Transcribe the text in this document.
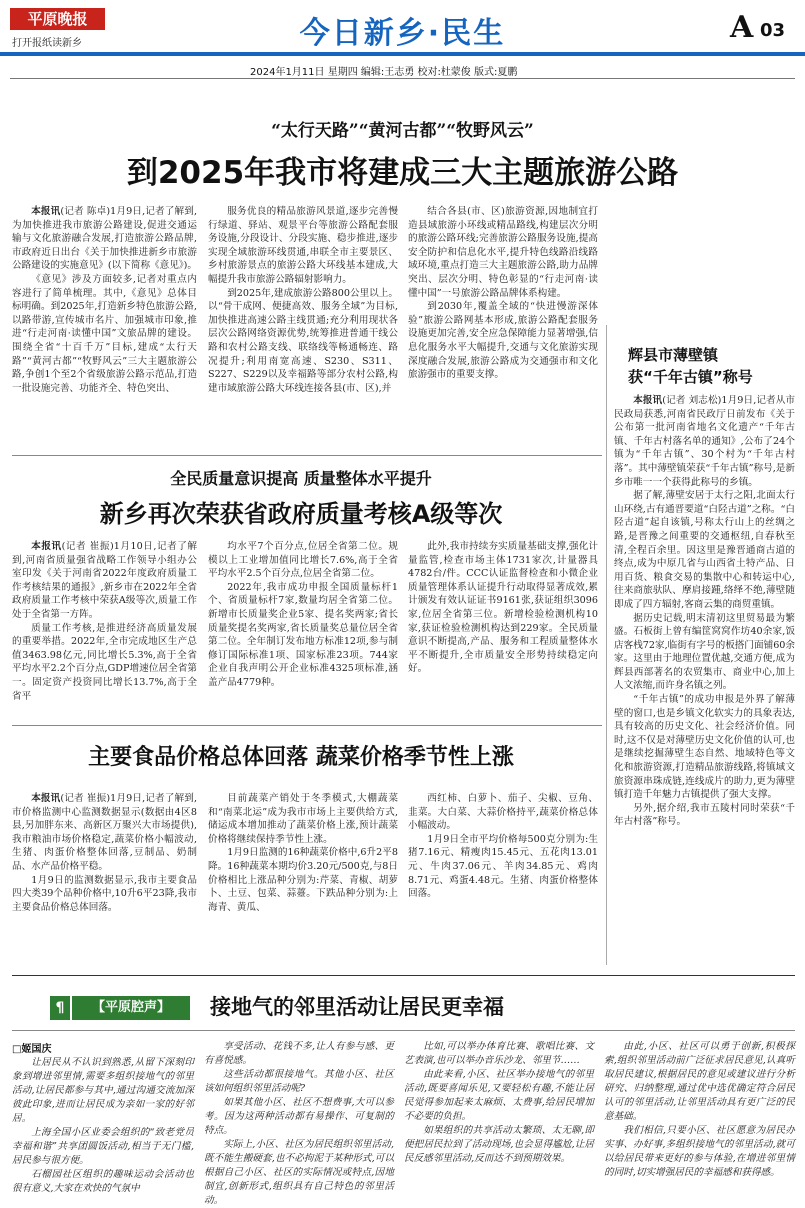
平原晚报
打开报纸读新乡	今日新乡·民生	A 03
2024年1月11日 星期四 编辑:王志勇 校对:杜蒙俊 版式:夏鹏
“太行天路”“黄河古都”“牧野风云”
到2025年我市将建成三大主题旅游公路

本报讯(记者 陈卓)1月9日,记者了解到,为加快推进我市旅游公路建设,促进交通运输与文化旅游融合发展,打造旅游公路品牌,市政府近日出台《关于加快推进新乡市旅游公路建设的实施意见》(以下简称《意见》)。

《意见》涉及方面较多,记者对重点内容进行了简单梳理。其中,《意见》总体目标明确。到2025年,打造新乡特色旅游公路,以路带游,宣传城市名片、加强城市印象,推进“行走河南·读懂中国”文旅品牌的建设。围绕全省“十百千万”目标,建成“太行天路”“黄河古都”“牧野风云”三大主题旅游公路,争创1个至2个省级旅游公路示范品,打造一批设施完善、功能齐全、特色突出、

服务优良的精品旅游风景道,逐步完善慢行绿道、驿站、观景平台等旅游公路配套服务设施,分段设计、分段实施、稳步推进,逐步实现全域旅游环线贯通,串联全市主要景区、乡村旅游景点的旅游公路大环线基本建成,大幅提升我市旅游公路辐射影响力。

到2025年,建成旅游公路800公里以上。以“骨干成网、便捷高效、服务全域”为目标,加快推进高速公路主线贯通;充分利用现状各层次公路网络资源优势,统筹推进普通干线公路和农村公路支线、联络线等畅通畅连、路况提升;利用南宽高速、S230、S311、S227、S229以及幸福路等部分农村公路,构建市域旅游公路大环线连接各县(市、区),并

结合各县(市、区)旅游资源,因地制宜打造县域旅游小环线或精品路线,构建层次分明的旅游公路环线;完善旅游公路服务设施,提高安全防护和信息化水平,提升特色线路沿线路域环境,重点打造三大主题旅游公路,助力品牌突出、层次分明、特色彰显的“行走河南·读懂中国”一号旅游公路品牌体系构建。

到2030年,覆盖全域的“快进慢游深体验”旅游公路网基本形成,旅游公路配套服务设施更加完善,安全应急保障能力显著增强,信息化服务水平大幅提升,交通与文化旅游实现深度融合发展,旅游公路成为交通强市和文化旅游强市的重要支撑。

辉县市薄壁镇
获“千年古镇”称号

本报讯(记者 刘志松)1月9日,记者从市民政局获悉,河南省民政厅日前发布《关于公布第一批河南省地名文化遗产“千年古镇、千年古村落名单的通知》,公布了24个镇为“千年古镇”、30个村为“千年古村落”。其中薄壁镇荣获“千年古镇”称号,是新乡市唯一一个获得此称号的乡镇。

据了解,薄壁安居于太行之阳,北面太行山环绕,古有通晋要道“白陉古道”之称。“白陉古道”起自该镇,号称太行山上的丝绸之路,是晋豫之间重要的交通枢纽,自春秋至清,全程百余里。因这里是豫晋通商古道的终点,成为中原几省与山西省土特产品、日用百货、粮食交易的集散中心和转运中心,往来商旅驮队、摩肩接踵,络绎不绝,薄壁随即成了四方辐射,客商云集的商贸重镇。

据历史记载,明末清初这里贸易最为繁盛。石板街上曾有编筐窝窝作坊40余家,饭店客栈72家,临街有字号的板搭门面铺60余家。这里由于地理位置优越,交通方便,成为辉县西部著名的农贸集市、商业中心,加上人文浓缩,而许身名镇之列。

“千年古镇”的成功申报是外界了解薄壁的窗口,也是乡镇文化软实力的具象表达,具有较高的历史文化、社会经济价值。同时,这不仅是对薄壁历史文化价值的认可,也是继续挖掘薄壁生态自然、地域特色等文化和旅游资源,打造精品旅游线路,将镇域文旅资源串珠成链,连线成片的助力,更为薄壁镇打造千年魅力古镇提供了强大支撑。

另外,据介绍,我市五陵村同时荣获“千年古村落”称号。

全民质量意识提高 质量整体水平提升
新乡再次荣获省政府质量考核A级等次

本报讯(记者 崔振)1月10日,记者了解到,河南省质量强省战略工作领导小组办公室印发《关于河南省2022年度政府质量工作考核结果的通报》,新乡市在2022年全省政府质量工作考核中荣获A级等次,质量工作处于全省第一方阵。

质量工作考核,是推进经济高质量发展的重要举措。2022年,全市完成地区生产总值3463.98亿元,同比增长5.3%,高于全省平均水平2.2个百分点,GDP增速位居全省第一。固定资产投资同比增长13.7%,高于全省平

均水平7个百分点,位居全省第二位。规模以上工业增加值同比增长7.6%,高于全省平均水平2.5个百分点,位居全省第二位。

2022年,我市成功申报全国质量标杆1个、省质量标杆7家,数量均居全省第二位。新增市长质量奖企业5家、提名奖两家;省长质量奖提名奖两家,省长质量奖总量位居全省第二位。全年制订发布地方标准12项,参与制修订国际标准1项、国家标准23项。744家企业自我声明公开企业标准4325项标准,涵盖产品4779种。

此外,我市持续夯实质量基础支撑,强化计量监管,检查市场主体1731家次,计量器具4782台/件。CCC认证监督检查和小微企业质量管理体系认证提升行动取得显著成效,累计颁发有效认证证书9161张,获证组织3096家,位居全省第三位。新增检验检测机构10家,获证检验检测机构达到229家。全民质量意识不断提高,产品、服务和工程质量整体水平不断提升,全市质量安全形势持续稳定向好。

主要食品价格总体回落 蔬菜价格季节性上涨

本报讯(记者 崔振)1月9日,记者了解到,市价格监测中心监测数据显示(数据由4区8县,另加胖东来、高新区万聚兴大市场提供),我市粮油市场价格稳定,蔬菜价格小幅波动,生猪、肉蛋价格整体回落,豆制品、奶制品、水产品价格平稳。

1月9日的监测数据显示,我市主要食品四大类39个品种价格中,10升6平23降,我市主要食品价格总体回落。

目前蔬菜产销处于冬季模式,大棚蔬菜和“南菜北运”成为我市市场上主要供给方式,储运成本增加推动了蔬菜价格上涨,预计蔬菜价格将继续保持季节性上涨。

1月9日监测的16种蔬菜价格中,6升2平8降。16种蔬菜本期均价3.20元/500克,与8日价格相比上涨品种分别为:芹菜、青椒、胡萝卜、土豆、包菜、蒜薹。下跌品种分别为:上海青、黄瓜、

西红柿、白萝卜、茄子、尖椒、豆角、韭菜。大白菜、大蒜价格持平,蔬菜价格总体小幅波动。

1月9日全市平均价格每500克分别为:生猪7.16元、精瘦肉15.45元、五花肉13.01元、牛肉37.06元、羊肉34.85元、鸡肉8.71元、鸡蛋4.48元。生猪、肉蛋价格整体回落。

¶	【平原腔声】	接地气的邻里活动让居民更幸福
□姬国庆

让居民从不认识到熟悉,从留下深刻印象到增进邻里情,需要多组织接地气的邻里活动,让居民都参与其中,通过沟通交流加深彼此印象,进而让居民成为亲如一家的好邻居。

上海全国小区业委会组织的“致老党员幸福和谐”共享团圆饭活动,相当于无门槛,居民参与很方便。

石榴园社区组织的趣味运动会活动也很有意义,大家在欢快的气氛中

享受活动、花钱不多,让人有参与感、更有喜悦感。

这些活动都很接地气。其他小区、社区该如何组织邻里活动呢?

如果其他小区、社区不想费事,大可以参考。因为这两种活动都有易操作、可复制的特点。

实际上,小区、社区为居民组织邻里活动,既不能生搬硬套,也不必拘泥于某种形式,可以根据自己小区、社区的实际情况或特点,因地制宜,创新形式,组织具有自己特色的邻里活动。

比如,可以举办体育比赛、歌唱比赛、文艺表演,也可以举办音乐沙龙、邻里节……

由此来看,小区、社区举办接地气的邻里活动,既要喜闻乐见,又要轻松有趣,不能让居民觉得参加起来太麻烦、太费事,给居民增加不必要的负担。

如果组织的共享活动太繁琐、太无聊,即便把居民拉到了活动现场,也会显得尴尬,让居民反感邻里活动,反而达不到预期效果。

由此,小区、社区可以勇于创新,积极探索,组织邻里活动前广泛征求居民意见,认真听取居民建议,根据居民的意见或建议进行分析研究、归纳整理,通过优中选优确定符合居民认可的邻里活动,让邻里活动具有更广泛的民意基础。

我们相信,只要小区、社区愿意为居民办实事、办好事,多组织接地气的邻里活动,就可以给居民带来更好的参与体验,在增进邻里情的同时,切实增强居民的幸福感和获得感。
